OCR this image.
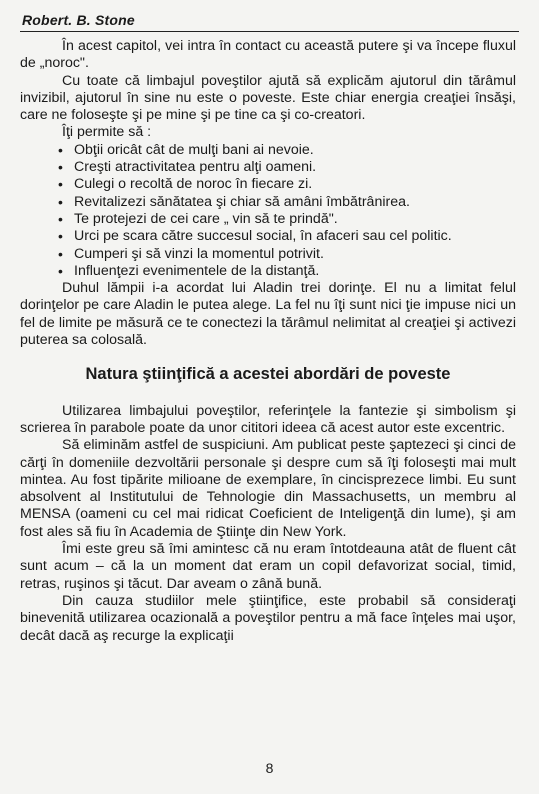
Robert. B. Stone

În acest capitol, vei intra în contact cu această putere şi va începe fluxul de „noroc".

Cu toate că limbajul poveştilor ajută să explicăm ajutorul din tărâmul invizibil, ajutorul în sine nu este o poveste. Este chiar energia creaţiei însăşi, care ne foloseşte şi pe mine şi pe tine ca şi co-creatori.

Îţi permite să :

• Obţii oricât cât de mulţi bani ai nevoie.
• Creşti atractivitatea pentru alţi oameni.
• Culegi o recoltă de noroc în fiecare zi.
• Revitalizezi sănătatea şi chiar să amâni îmbătrânirea.
• Te protejezi de cei care „ vin să te prindă".
• Urci pe scara către succesul social, în afaceri sau cel politic.
• Cumperi şi să vinzi la momentul potrivit.
• Influenţezi evenimentele de la distanţă.

Duhul lămpii i-a acordat lui Aladin trei dorinţe. El nu a limitat felul dorinţelor pe care Aladin le putea alege. La fel nu îţi sunt nici ţie impuse nici un fel de limite pe măsură ce te conectezi la tărâmul nelimitat al creaţiei şi activezi puterea sa colosală.

Natura ştiinţifică a acestei abordări de poveste

Utilizarea limbajului poveştilor, referinţele la fantezie şi simbolism şi scrierea în parabole poate da unor cititori ideea că acest autor este excentric.

Să eliminăm astfel de suspiciuni. Am publicat peste şaptezeci şi cinci de cărţi în domeniile dezvoltării personale şi despre cum să îţi foloseşti mai mult mintea. Au fost tipărite milioane de exemplare, în cincisprezece limbi. Eu sunt absolvent al Institutului de Tehnologie din Massachusetts, un membru al MENSA (oameni cu cel mai ridicat Coeficient de Inteligenţă din lume), şi am fost ales să fiu în Academia de Ştiinţe din New York.

Îmi este greu să îmi amintesc că nu eram întotdeauna atât de fluent cât sunt acum – că la un moment dat eram un copil defavorizat social, timid, retras, ruşinos şi tăcut. Dar aveam o zână bună.

Din cauza studiilor mele ştiinţifice, este probabil să consideraţi binevenită utilizarea ocazională a poveştilor pentru a mă face înţeles mai uşor, decât dacă aş recurge la explicaţii

8
